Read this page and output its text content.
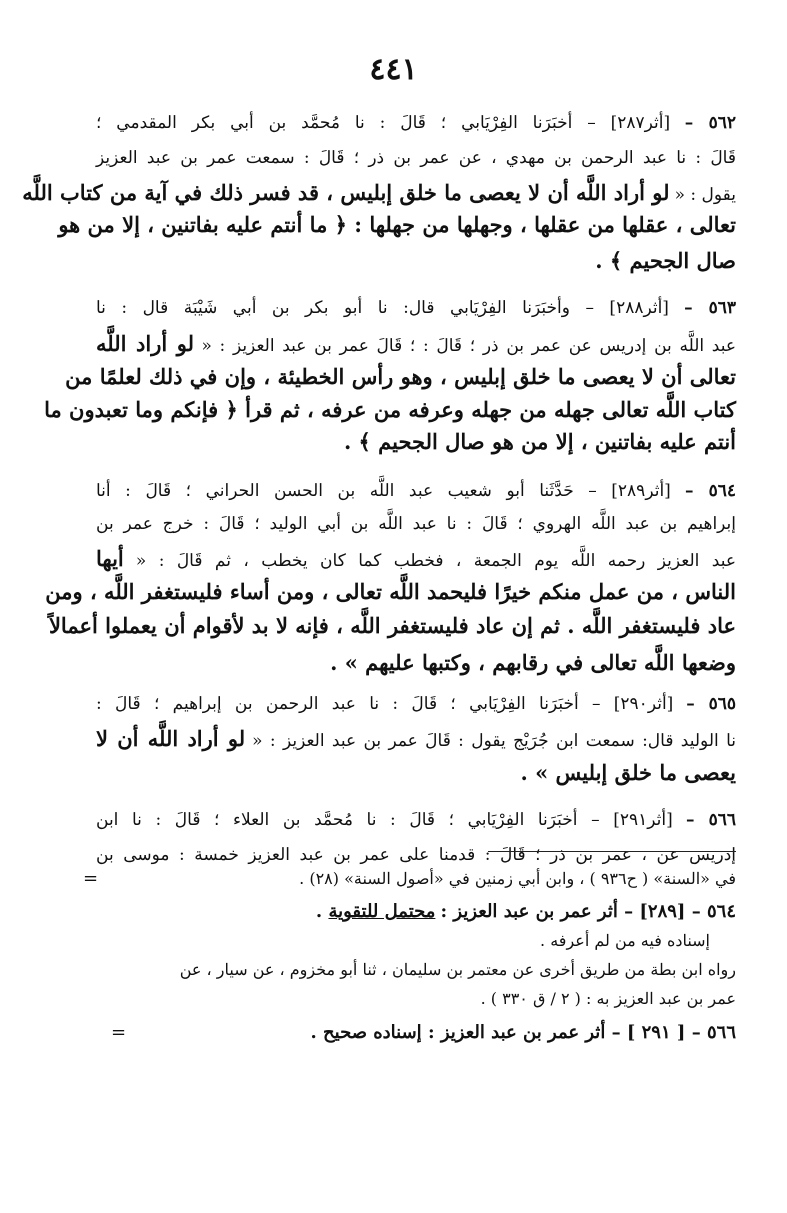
٤٤١
٥٦٢ – [أثر٢٨٧] – أخبَرَنا الفِرْيَابي ؛ قَالَ : نا مُحمَّد بن أبي بكر المقدمي ؛
قَالَ : نا عبد الرحمن بن مهدي ، عن عمر بن ذر ؛ قَالَ : سمعت عمر بن عبد العزيز
يقول : « لو أراد اللَّه أن لا يعصى ما خلق إبليس ، قد فسر ذلك في آية من كتاب اللَّه
تعالى ، عقلها من عقلها ، وجهلها من جهلها : ﴿ ما أنتم عليه بفاتنين ، إلا من هو
صال الجحيم ﴾ .
٥٦٣ – [أثر٢٨٨] – وأخبَرَنا الفِرْيَابي قال: نا أبو بكر بن أبي شَيْبَة قال : نا
عبد اللَّه بن إدريس عن عمر بن ذر ؛ قَالَ : ؛ قَالَ عمر بن عبد العزيز : « لو أراد اللَّه
تعالى أن لا يعصى ما خلق إبليس ، وهو رأس الخطيئة ، وإن في ذلك لعلمًا من
كتاب اللَّه تعالى جهله من جهله وعرفه من عرفه ، ثم قرأ ﴿ فإنكم وما تعبدون ما
أنتم عليه بفاتنين ، إلا من هو صال الجحيم ﴾ .
٥٦٤ – [أثر٢٨٩] – حَدَّثَنا أبو شعيب عبد اللَّه بن الحسن الحراني ؛ قَالَ : أنا
إبراهيم بن عبد اللَّه الهروي ؛ قَالَ : نا عبد اللَّه بن أبي الوليد ؛ قَالَ : خرج عمر بن
عبد العزيز رحمه اللَّه يوم الجمعة ، فخطب كما كان يخطب ، ثم قَالَ : « أيها
الناس ، من عمل منكم خيرًا فليحمد اللَّه تعالى ، ومن أساء فليستغفر اللَّه ، ومن
عاد فليستغفر اللَّه . ثم إن عاد فليستغفر اللَّه ، فإنه لا بد لأقوام أن يعملوا أعمالاً
وضعها اللَّه تعالى في رقابهم ، وكتبها عليهم » .
٥٦٥ – [أثر٢٩٠] – أخبَرَنا الفِرْيَابي ؛ قَالَ : نا عبد الرحمن بن إبراهيم ؛ قَالَ :
نا الوليد قال: سمعت ابن جُرَيْج يقول : قَالَ عمر بن عبد العزيز : « لو أراد اللَّه أن لا
يعصى ما خلق إبليس » .
٥٦٦ – [أثر٢٩١] – أخبَرَنا الفِرْيَابي ؛ قَالَ : نا مُحمَّد بن العلاء ؛ قَالَ : نا ابن
إدريس عن ، عمر بن ذر ؛ قَالَ : قدمنا على عمر بن عبد العزيز خمسة : موسى بن
في «السنة» ( ح٩٣٦ ) ، وابن أبي زمنين في «أصول السنة» (٢٨) .
=
٥٦٤ – [٢٨٩] – أثر عمر بن عبد العزيز : محتمل للتقوية .
إسناده فيه من لم أعرفه .
رواه ابن بطة من طريق أخرى عن معتمر بن سليمان ، ثنا أبو مخزوم ، عن سيار ، عن
عمر بن عبد العزيز به : ( ٢ / ق ٣٣٠ ) .
٥٦٦ – [ ٢٩١ ] – أثر عمر بن عبد العزيز : إسناده صحيح .
=
